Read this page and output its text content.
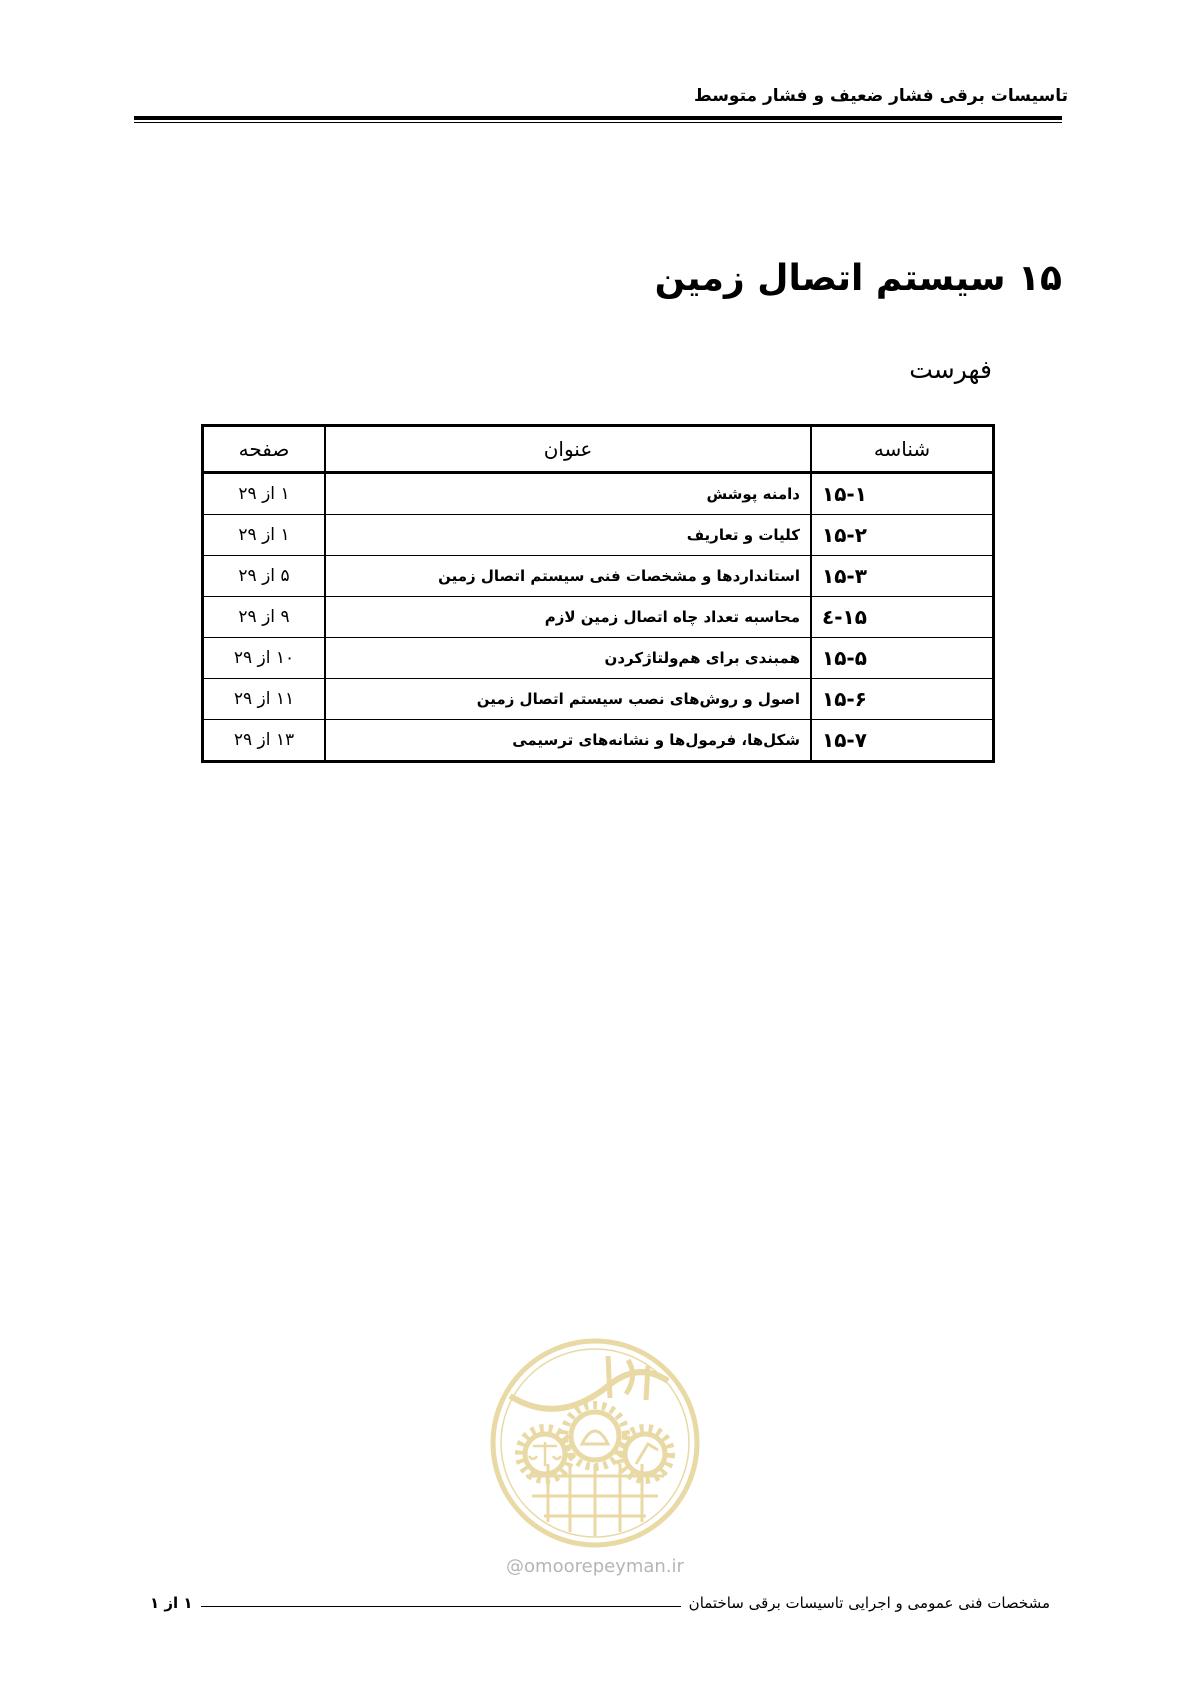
تاسیسات برقی فشار ضعیف و فشار متوسط
۱۵ سیستم اتصال زمین
فهرست
شناسه	عنوان	صفحه
۱۵-۱	دامنه پوشش	۱ از ۲۹
۱۵-۲	کلیات و تعاریف	۱ از ۲۹
۱۵-۳	استانداردها و مشخصات فنی سیستم اتصال زمین	۵ از ۲۹
۱۵-٤	محاسبه تعداد چاه اتصال زمین لازم	۹ از ۲۹
۱۵-۵	همبندی برای هم‌ولتاژکردن	۱۰ از ۲۹
۱۵-۶	اصول و روش‌های نصب سیستم اتصال زمین	۱۱ از ۲۹
۱۵-۷	شکل‌ها، فرمول‌ها و نشانه‌های ترسیمی	۱۳ از ۲۹
@omoorepeyman.ir
مشخصات فنی عمومی و اجرایی تاسیسات برقی ساختمان
۱ از ۱
